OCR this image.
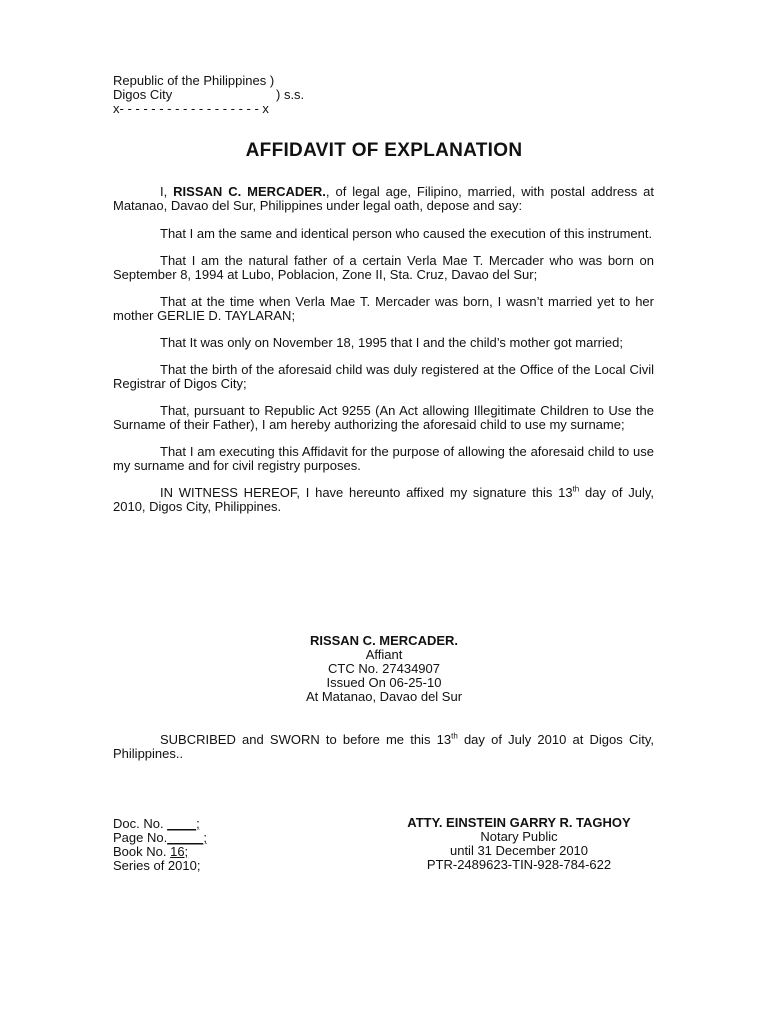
Republic of the Philippines )
Digos City	) s.s.
x- - - - - - - - - - - - - - - - - - x
AFFIDAVIT OF EXPLANATION

I, RISSAN C. MERCADER., of legal age, Filipino, married, with postal address at Matanao, Davao del Sur, Philippines under legal oath, depose and say:

That I am the same and identical person who caused the execution of this instrument.

That I am the natural father of a certain Verla Mae T. Mercader who was born on September 8, 1994 at Lubo, Poblacion, Zone II, Sta. Cruz, Davao del Sur;

That at the time when Verla Mae T. Mercader was born, I wasn’t married yet to her mother GERLIE D. TAYLARAN;

That It was only on November 18, 1995 that I and the child’s mother got married;

That the birth of the aforesaid child was duly registered at the Office of the Local Civil Registrar of Digos City;

That, pursuant to Republic Act 9255 (An Act allowing Illegitimate Children to Use the Surname of their Father), I am hereby authorizing the aforesaid child to use my surname;

That I am executing this Affidavit for the purpose of allowing the aforesaid child to use my surname and for civil registry purposes.

IN WITNESS HEREOF, I have hereunto affixed my signature this 13th day of July, 2010, Digos City, Philippines.

RISSAN C. MERCADER.
Affiant
CTC No. 27434907
Issued On 06-25-10
At Matanao, Davao del Sur

SUBCRIBED and SWORN to before me this 13th day of July 2010 at Digos City, Philippines..

Doc. No. ____;
Page No._____;
Book No. 16;
Series of 2010;
ATTY. EINSTEIN GARRY R. TAGHOY
Notary Public
until 31 December 2010
PTR-2489623-TIN-928-784-622
